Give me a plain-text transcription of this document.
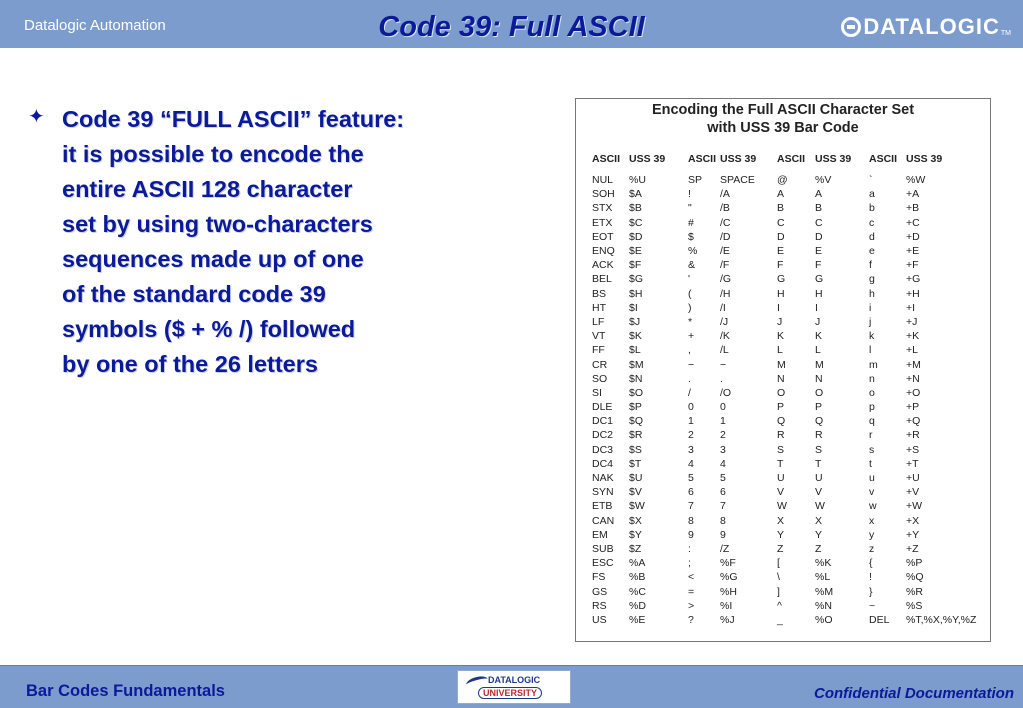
Datalogic Automation	Code 39: Full ASCII	DATALOGIC TM
✦ Code 39 “FULL ASCII” feature:
it is possible to encode the
entire ASCII 128 character
set by using two-characters
sequences made up of one
of the standard code 39
symbols ($ + % /) followed
by one of the 26 letters
Encoding the Full ASCII Character Set
with USS 39 Bar Code
ASCII	USS 39	ASCII	USS 39	ASCII	USS 39	ASCII	USS 39
NUL	%U	SP	SPACE	@	%V	`	%W
SOH	$A	!	/A	A	A	a	+A
STX	$B	"	/B	B	B	b	+B
ETX	$C	#	/C	C	C	c	+C
EOT	$D	$	/D	D	D	d	+D
ENQ	$E	%	/E	E	E	e	+E
ACK	$F	&	/F	F	F	f	+F
BEL	$G	'	/G	G	G	g	+G
BS	$H	(	/H	H	H	h	+H
HT	$I	)	/I	I	I	i	+I
LF	$J	*	/J	J	J	j	+J
VT	$K	+	/K	K	K	k	+K
FF	$L	,	/L	L	L	l	+L
CR	$M	−	−	M	M	m	+M
SO	$N	.	.	N	N	n	+N
SI	$O	/	/O	O	O	o	+O
DLE	$P	0	0	P	P	p	+P
DC1	$Q	1	1	Q	Q	q	+Q
DC2	$R	2	2	R	R	r	+R
DC3	$S	3	3	S	S	s	+S
DC4	$T	4	4	T	T	t	+T
NAK	$U	5	5	U	U	u	+U
SYN	$V	6	6	V	V	v	+V
ETB	$W	7	7	W	W	w	+W
CAN	$X	8	8	X	X	x	+X
EM	$Y	9	9	Y	Y	y	+Y
SUB	$Z	:	/Z	Z	Z	z	+Z
ESC	%A	;	%F	[	%K	{	%P
FS	%B	<	%G	\	%L	!	%Q
GS	%C	=	%H	]	%M	}	%R
RS	%D	>	%I	^	%N	~	%S
US	%E	?	%J	_	%O	DEL	%T,%X,%Y,%Z
Bar Codes Fundamentals
DATALOGIC
UNIVERSITY	Confidential Documentation
